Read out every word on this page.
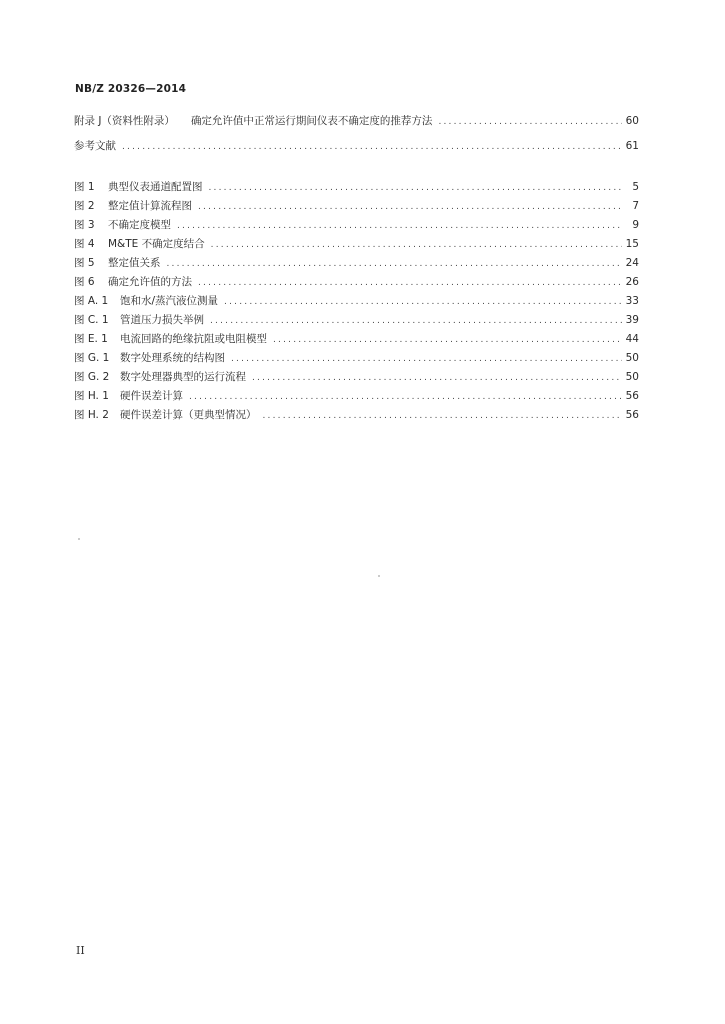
NB/Z 20326—2014
附录 J（资料性附录） 确定允许值中正常运行期间仪表不确定度的推荐方法 .....	60
参考文献 .....	61
图 1	典型仪表通道配置图 .....	5
图 2	整定值计算流程图 .....	7
图 3	不确定度模型 .....	9
图 4	M&TE 不确定度结合 .....	15
图 5	整定值关系 .....	24
图 6	确定允许值的方法 .....	26
图 A. 1	饱和水/蒸汽液位测量 .....	33
图 C. 1	管道压力损失举例 .....	39
图 E. 1	电流回路的绝缘抗阻或电阻模型 .....	44
图 G. 1	数字处理系统的结构图 .....	50
图 G. 2	数字处理器典型的运行流程 .....	50
图 H. 1	硬件误差计算 .....	56
图 H. 2	硬件误差计算（更典型情况） .....	56
II
